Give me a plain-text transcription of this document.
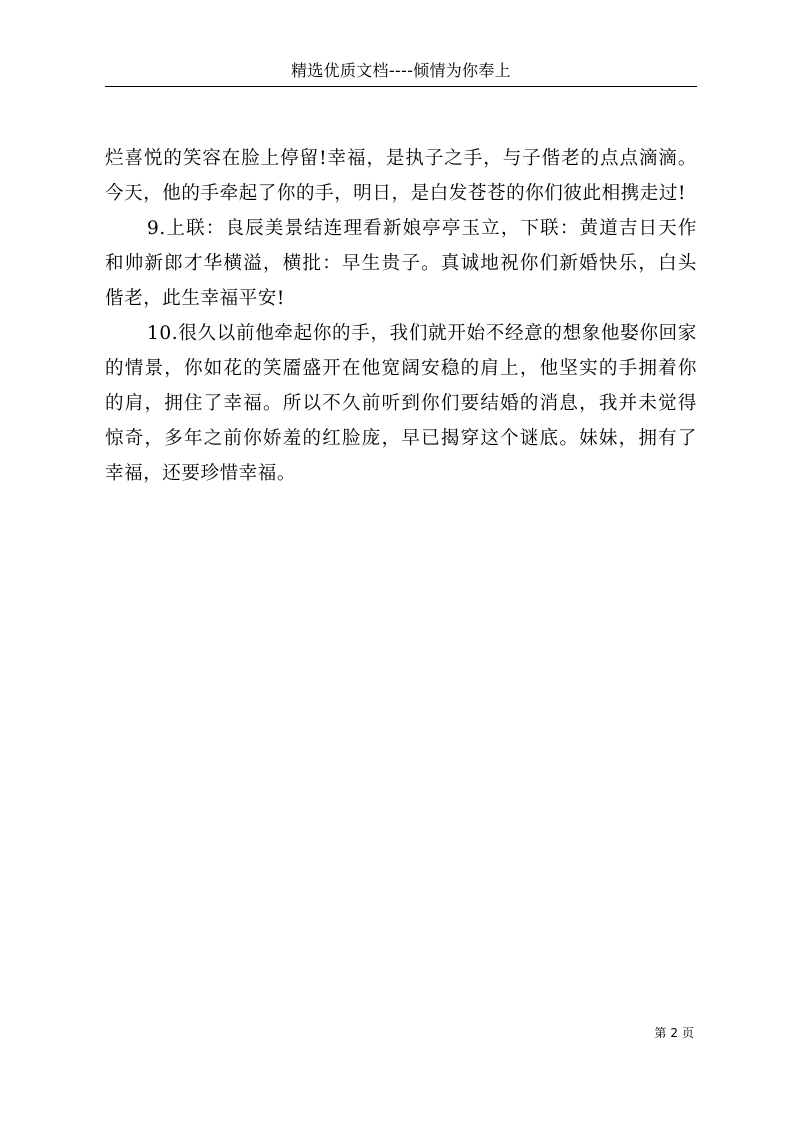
精选优质文档----倾情为你奉上

烂喜悦的笑容在脸上停留!幸福，是执子之手，与子偕老的点点滴滴。今天，他的手牵起了你的手，明日，是白发苍苍的你们彼此相携走过!

9.上联：良辰美景结连理看新娘亭亭玉立，下联：黄道吉日天作和帅新郎才华横溢，横批：早生贵子。真诚地祝你们新婚快乐，白头偕老，此生幸福平安!

10.很久以前他牵起你的手，我们就开始不经意的想象他娶你回家的情景，你如花的笑靥盛开在他宽阔安稳的肩上，他坚实的手拥着你的肩，拥住了幸福。所以不久前听到你们要结婚的消息，我并未觉得惊奇，多年之前你娇羞的红脸庞，早已揭穿这个谜底。妹妹，拥有了幸福，还要珍惜幸福。

第 2 页
